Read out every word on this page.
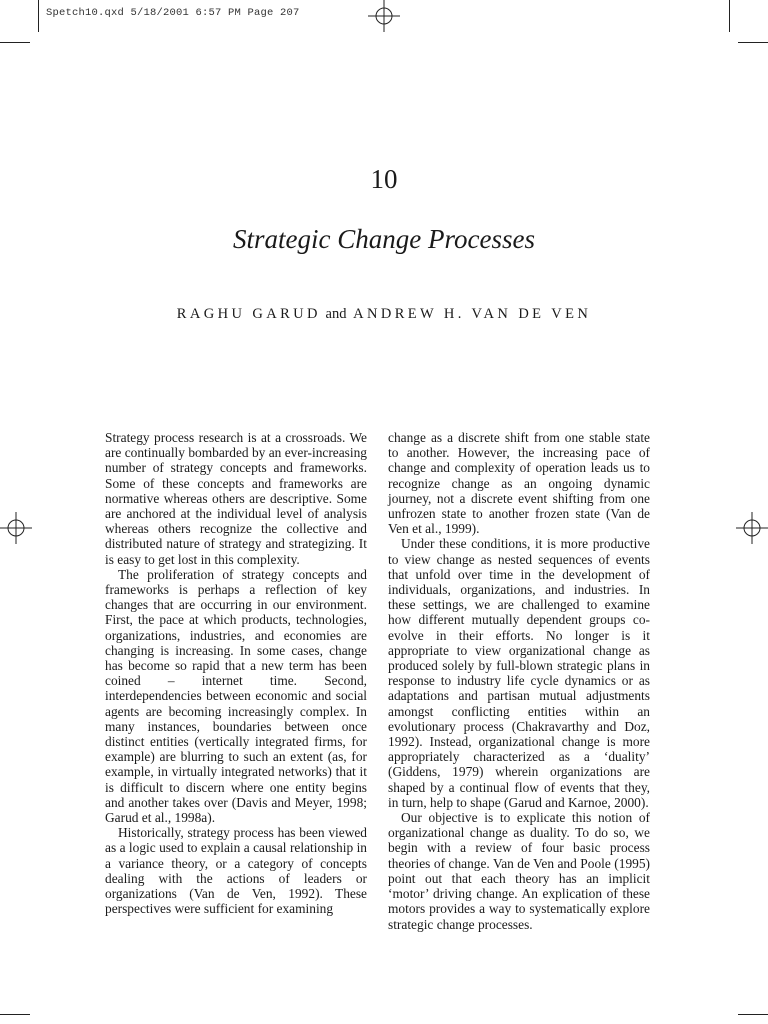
Spetch10.qxd 5/18/2001 6:57 PM Page 207
10
Strategic Change Processes
RAGHU GARUD and ANDREW H. VAN DE VEN

Strategy process research is at a crossroads. We are continually bombarded by an ever-increasing number of strategy concepts and frameworks. Some of these concepts and frameworks are normative whereas others are descriptive. Some are anchored at the individual level of analysis whereas others recognize the collective and distributed nature of strategy and strategizing. It is easy to get lost in this complexity.

The proliferation of strategy concepts and frameworks is perhaps a reflection of key changes that are occurring in our environment. First, the pace at which products, technologies, organizations, industries, and economies are changing is increasing. In some cases, change has become so rapid that a new term has been coined – internet time. Second, interdependencies between economic and social agents are becoming increasingly complex. In many instances, boundaries between once distinct entities (vertically integrated firms, for example) are blurring to such an extent (as, for example, in virtually integrated networks) that it is difficult to discern where one entity begins and another takes over (Davis and Meyer, 1998; Garud et al., 1998a).

Historically, strategy process has been viewed as a logic used to explain a causal relationship in a variance theory, or a category of concepts dealing with the actions of leaders or organizations (Van de Ven, 1992). These perspectives were sufficient for examining

change as a discrete shift from one stable state to another. However, the increasing pace of change and complexity of operation leads us to recognize change as an ongoing dynamic journey, not a discrete event shifting from one unfrozen state to another frozen state (Van de Ven et al., 1999).

Under these conditions, it is more productive to view change as nested sequences of events that unfold over time in the development of individuals, organizations, and industries. In these settings, we are challenged to examine how different mutually dependent groups co-evolve in their efforts. No longer is it appropriate to view organizational change as produced solely by full-blown strategic plans in response to industry life cycle dynamics or as adaptations and partisan mutual adjustments amongst conflicting entities within an evolutionary process (Chakravarthy and Doz, 1992). Instead, organizational change is more appropriately characterized as a ‘duality’ (Giddens, 1979) wherein organizations are shaped by a continual flow of events that they, in turn, help to shape (Garud and Karnoe, 2000).

Our objective is to explicate this notion of organizational change as duality. To do so, we begin with a review of four basic process theories of change. Van de Ven and Poole (1995) point out that each theory has an implicit ‘motor’ driving change. An explication of these motors provides a way to systematically explore strategic change processes.
